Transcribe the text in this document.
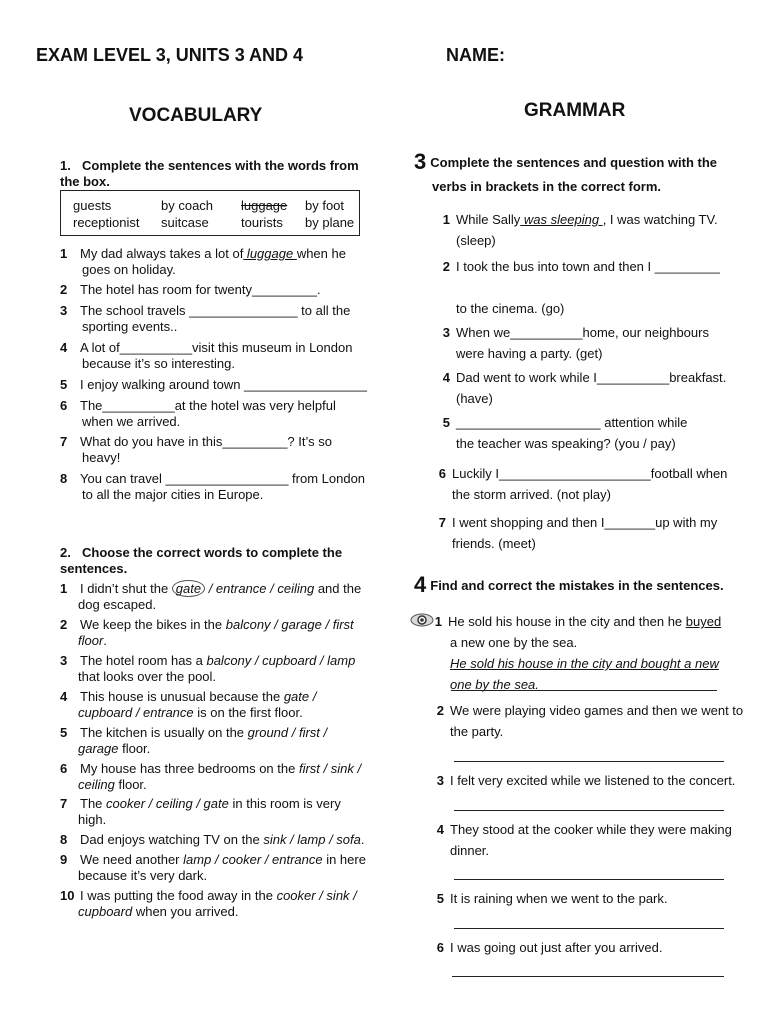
EXAM LEVEL 3, UNITS 3 AND 4	NAME:
VOCABULARY
1. Complete the sentences with the words from the box.
guests	by coach luggage by foot
receptionist suitcase tourists by plane
1 My dad always takes a lot of luggage when he
goes on holiday.
2 The hotel has room for twenty_________.
3 The school travels _______________ to all the
sporting events..
4 A lot of__________visit this museum in London
because it’s so interesting.
5 I enjoy walking around town _________________
6 The__________at the hotel was very helpful
when we arrived.
7 What do you have in this_________? It’s so
heavy!
8 You can travel _________________ from London
to all the major cities in Europe.
2. Choose the correct words to complete the sentences.
1 I didn’t shut the gate / entrance / ceiling and the
dog escaped.
2 We keep the bikes in the balcony / garage / first
floor.
3 The hotel room has a balcony / cupboard / lamp
that looks over the pool.
4 This house is unusual because the gate /
cupboard / entrance is on the first floor.
5 The kitchen is usually on the ground / first /
garage floor.
6 My house has three bedrooms on the first / sink /
ceiling floor.
7 The cooker / ceiling / gate in this room is very
high.
8 Dad enjoys watching TV on the sink / lamp / sofa.
9 We need another lamp / cooker / entrance in here
because it’s very dark.
10 I was putting the food away in the cooker / sink /
cupboard when you arrived.
GRAMMAR
3 Complete the sentences and question with the
verbs in brackets in the correct form.
1 While Sally was sleeping , I was watching TV.
(sleep)
2 I took the bus into town and then I _________
to the cinema. (go)
3 When we__________home, our neighbours
were having a party. (get)
4 Dad went to work while I__________breakfast.
(have)
5 ____________________ attention while
the teacher was speaking? (you / pay)
6 Luckily I_____________________football when
the storm arrived. (not play)
7 I went shopping and then I_______up with my
friends. (meet)
4 Find and correct the mistakes in the sentences.
1 He sold his house in the city and then he buyed
a new one by the sea.
He sold his house in the city and bought a new
one by the sea.
2 We were playing video games and then we went to
the party.
3 I felt very excited while we listened to the concert.
4 They stood at the cooker while they were making
dinner.
5 It is raining when we went to the park.
6 I was going out just after you arrived.
